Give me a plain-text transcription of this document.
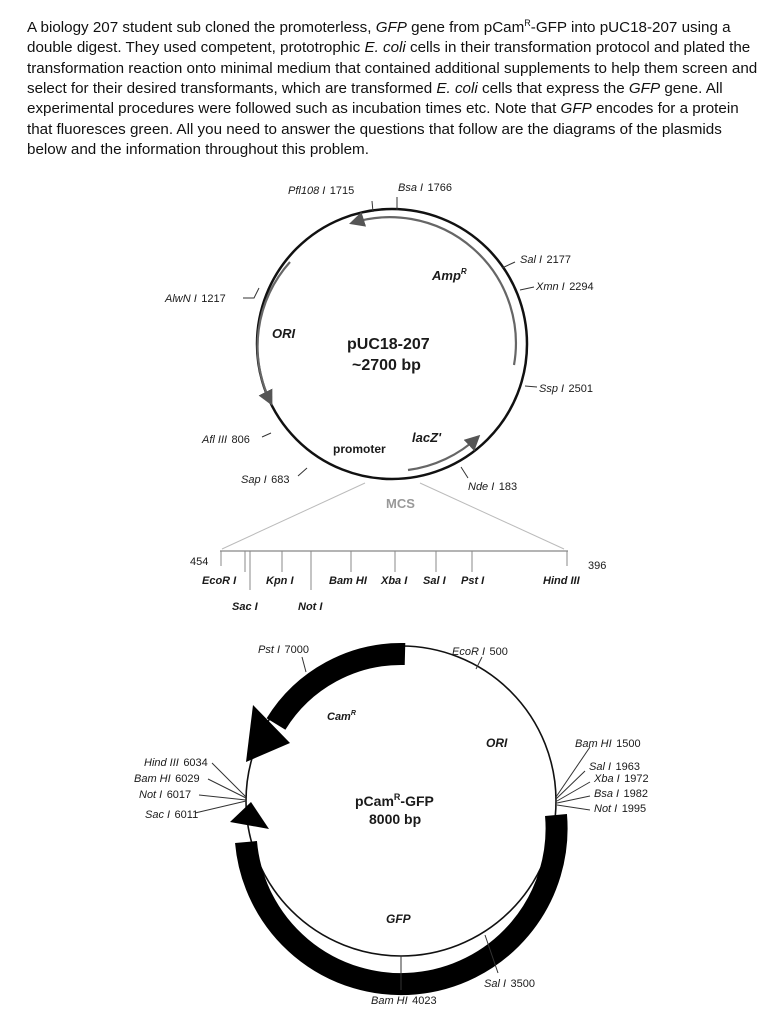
A biology 207 student sub cloned the promoterless, GFP gene from pCam$^R$-GFP into pUC18-207 using a double digest. They used competent, prototrophic E. coli cells in their transformation protocol and plated the transformation reaction onto minimal medium that contained additional supplements to help them screen and select for their desired transformants, which are transformed E. coli cells that express the GFP gene. All experimental procedures were followed such as incubation times etc. Note that GFP encodes for a protein that fluoresces green. All you need to answer the questions that follow are the diagrams of the plasmids below and the information throughout this problem.

Amp$^R$
ORI
promoter
lacZ'
MCS
pUC18-207
~2700 bp
Pfl108 I 1715	Bsa I 1766
Sal I 2177
Xmn I 2294
Ssp I 2501
Nde I 183
Sap I 683
Afl III 806
AlwN I 1217
454	396
EcoR I	Kpn I
Sac I	Not I
Bam HI Xba I Sal I Pst I	Hind III
Cam$^R$
ORI
GFP
pCam$^R$-GFP
8000 bp
Pst I 7000	EcoR I 500
Bam HI 1500
Sal I 1963
Xba I 1972
Bsa I 1982
Not I 1995
Sal I 3500
Bam HI 4023
Hind III 6034
Bam HI 6029
Not I 6017
Sac I 6011
